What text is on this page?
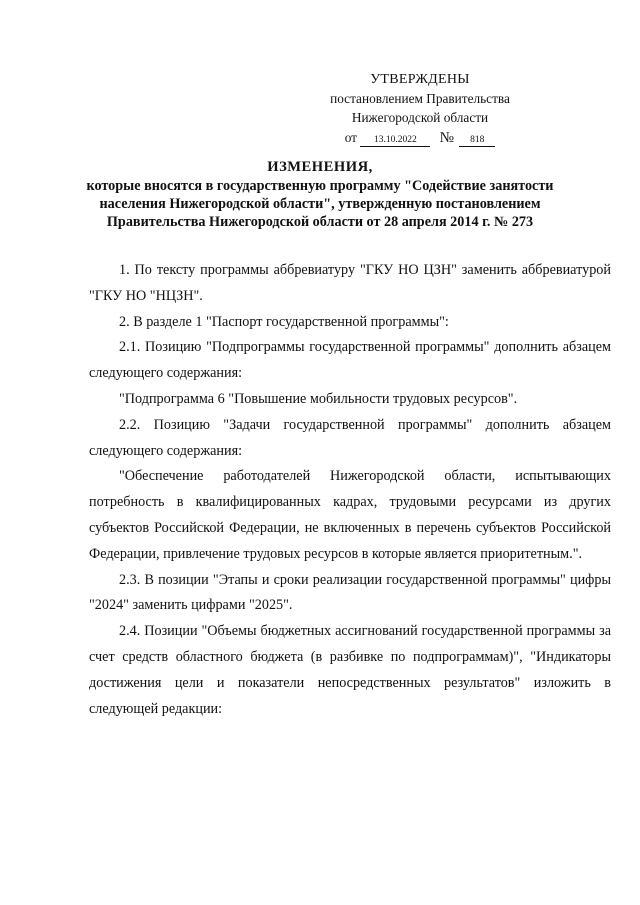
УТВЕРЖДЕНЫ
постановлением Правительства
Нижегородской области
от 13.10.2022 № 818
ИЗМЕНЕНИЯ,
которые вносятся в государственную программу "Содействие занятости
населения Нижегородской области", утвержденную постановлением
Правительства Нижегородской области от 28 апреля 2014 г. № 273

1. По тексту программы аббревиатуру "ГКУ НО ЦЗН" заменить аббревиатурой "ГКУ НО "НЦЗН".

2. В разделе 1 "Паспорт государственной программы":

2.1. Позицию "Подпрограммы государственной программы" дополнить абзацем следующего содержания:

"Подпрограмма 6 "Повышение мобильности трудовых ресурсов".

2.2. Позицию "Задачи государственной программы" дополнить абзацем следующего содержания:

"Обеспечение работодателей Нижегородской области, испытывающих потребность в квалифицированных кадрах, трудовыми ресурсами из других субъектов Российской Федерации, не включенных в перечень субъектов Российской Федерации, привлечение трудовых ресурсов в которые является приоритетным.".

2.3. В позиции "Этапы и сроки реализации государственной программы" цифры "2024" заменить цифрами "2025".

2.4. Позиции "Объемы бюджетных ассигнований государственной программы за счет средств областного бюджета (в разбивке по подпрограммам)", "Индикаторы достижения цели и показатели непосредственных результатов" изложить в следующей редакции:
